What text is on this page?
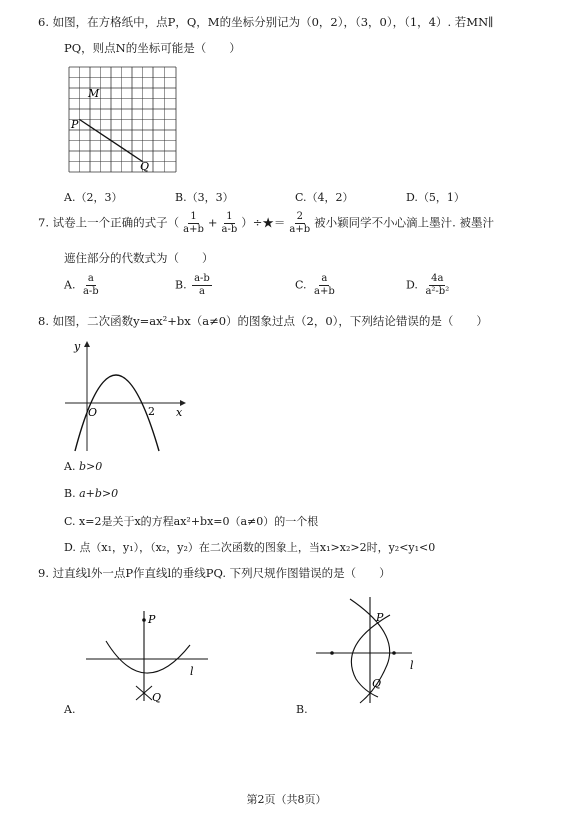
6. 如图，在方格纸中，点P，Q，M的坐标分别记为（0，2），（3，0），（1，4）. 若MN∥
PQ，则点N的坐标可能是（　　）
M
P
Q
A.（2，3）	B.（3，3）	C.（4，2）	D.（5，1）
7. 试卷上一个正确的式子（ $\frac{1}{a+b} + \frac{1}{a-b}$ ）÷★＝ $\frac{2}{a+b}$ 被小颖同学不小心滴上墨汁. 被墨汁
遮住部分的代数式为（　　）
A. $\frac{a}{a-b}$	B. $\frac{a-b}{a}$	C. $\frac{a}{a+b}$	D. $\frac{4a}{\text{a²-b²}}$
8. 如图，二次函数y=ax²+bx（a≠0）的图象过点（2，0），下列结论错误的是（　　）
y
x
O	2
A. b>0
B. a+b>0
C. x=2是关于x的方程ax²+bx=0（a≠0）的一个根
D. 点（x₁，y₁），（x₂，y₂）在二次函数的图象上，当x₁>x₂>2时，y₂<y₁<0
9. 过直线l外一点P作直线l的垂线PQ. 下列尺规作图错误的是（　　）
P
l
Q
A.
P
l
Q
B.
第2页（共8页）
